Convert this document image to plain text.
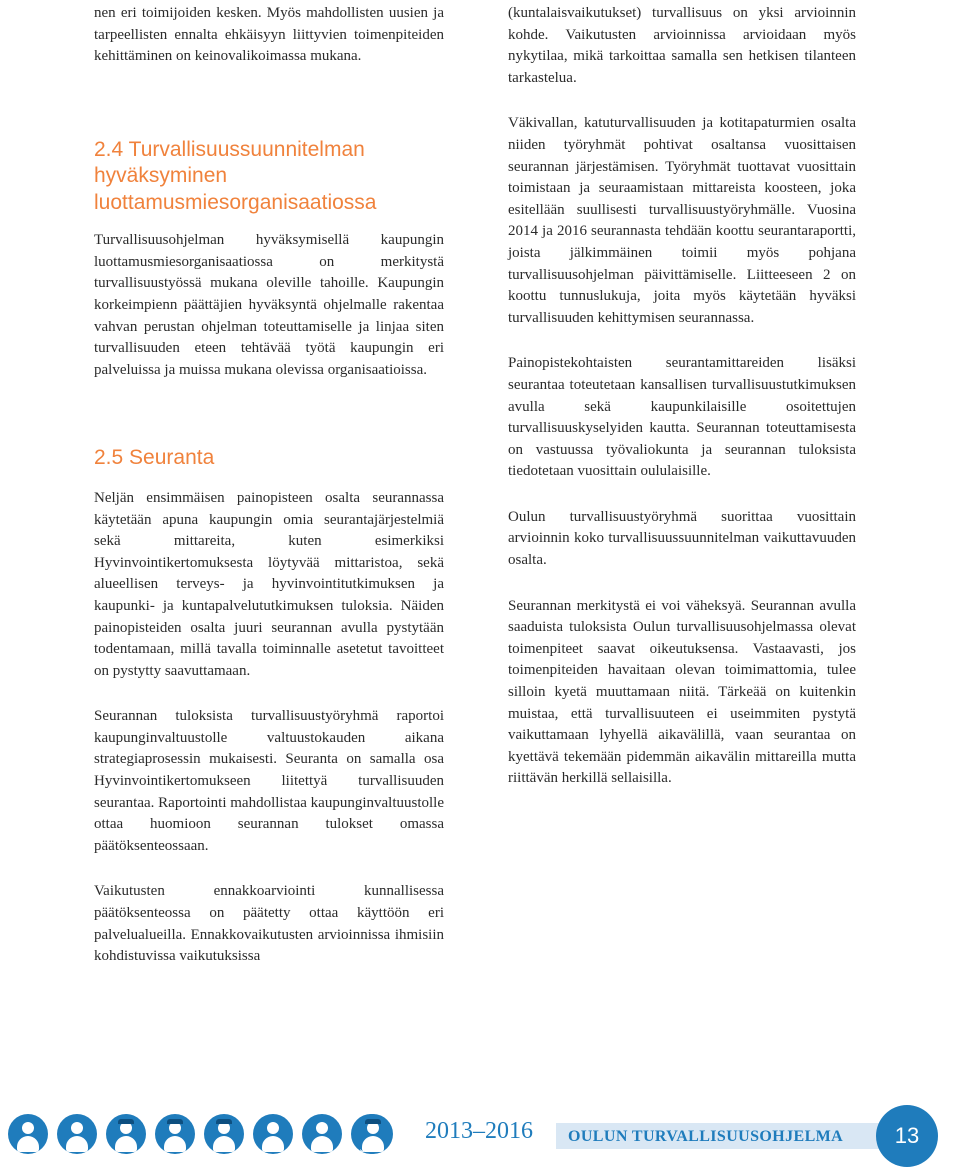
nen eri toimijoiden kesken. Myös mahdollisten uusien ja tarpeellisten ennalta ehkäisyyn liittyvien toimenpiteiden kehittäminen on keinovalikoimassa mukana.

2.4 Turvallisuussuunnitelman hyväksyminen luottamusmiesorganisaatiossa

Turvallisuusohjelman hyväksymisellä kaupungin luottamusmiesorganisaatiossa on merkitystä turvallisuustyössä mukana oleville tahoille. Kaupungin korkeimpienn päättäjien hyväksyntä ohjelmalle rakentaa vahvan perustan ohjelman toteuttamiselle ja linjaa siten turvallisuuden eteen tehtävää työtä kaupungin eri palveluissa ja muissa mukana olevissa organisaatioissa.

2.5 Seuranta

Neljän ensimmäisen painopisteen osalta seurannassa käytetään apuna kaupungin omia seurantajärjestelmiä sekä mittareita, kuten esimerkiksi Hyvinvointikertomuksesta löytyvää mittaristoa, sekä alueellisen terveys- ja hyvinvointitutkimuksen ja kaupunki- ja kuntapalvelututkimuksen tuloksia. Näiden painopisteiden osalta juuri seurannan avulla pystytään todentamaan, millä tavalla toiminnalle asetetut tavoitteet on pystytty saavuttamaan.

Seurannan tuloksista turvallisuustyöryhmä raportoi kaupunginvaltuustolle valtuustokauden aikana strategiaprosessin mukaisesti. Seuranta on samalla osa Hyvinvointikertomukseen liitettyä turvallisuuden seurantaa. Raportointi mahdollistaa kaupunginvaltuustolle ottaa huomioon seurannan tulokset omassa päätöksenteossaan.

Vaikutusten ennakkoarviointi kunnallisessa päätöksenteossa on päätetty ottaa käyttöön eri palvelualueilla. Ennakkovaikutusten arvioinnissa ihmisiin kohdistuvissa vaikutuksissa

(kuntalaisvaikutukset) turvallisuus on yksi arvioinnin kohde. Vaikutusten arvioinnissa arvioidaan myös nykytilaa, mikä tarkoittaa samalla sen hetkisen tilanteen tarkastelua.

Väkivallan, katuturvallisuuden ja kotitapaturmien osalta niiden työryhmät pohtivat osaltansa vuosittaisen seurannan järjestämisen. Työryhmät tuottavat vuosittain toimistaan ja seuraamistaan mittareista koosteen, joka esitellään suullisesti turvallisuustyöryhmälle. Vuosina 2014 ja 2016 seurannasta tehdään koottu seurantaraportti, joista jälkimmäinen toimii myös pohjana turvallisuusohjelman päivittämiselle. Liitteeseen 2 on koottu tunnuslukuja, joita myös käytetään hyväksi turvallisuuden kehittymisen seurannassa.

Painopistekohtaisten seurantamittareiden lisäksi seurantaa toteutetaan kansallisen turvallisuustutkimuksen avulla sekä kaupunkilaisille osoitettujen turvallisuuskyselyiden kautta. Seurannan toteuttamisesta on vastuussa työvaliokunta ja seurannan tuloksista tiedotetaan vuosittain oululaisille.

Oulun turvallisuustyöryhmä suorittaa vuosittain arvioinnin koko turvallisuussuunnitelman vaikuttavuuden osalta.

Seurannan merkitystä ei voi väheksyä. Seurannan avulla saaduista tuloksista Oulun turvallisuusohjelmassa olevat toimenpiteet saavat oikeutuksensa. Vastaavasti, jos toimenpiteiden havaitaan olevan toimimattomia, tulee silloin kyetä muuttamaan niitä. Tärkeää on kuitenkin muistaa, että turvallisuuteen ei useimmiten pystytä vaikuttamaan lyhyellä aikavälillä, vaan seurantaa on kyettävä tekemään pidemmän aikavälin mittareilla mutta riittävän herkillä sellaisilla.

2013–2016 OULUN TURVALLISUUSOHJELMA	13
